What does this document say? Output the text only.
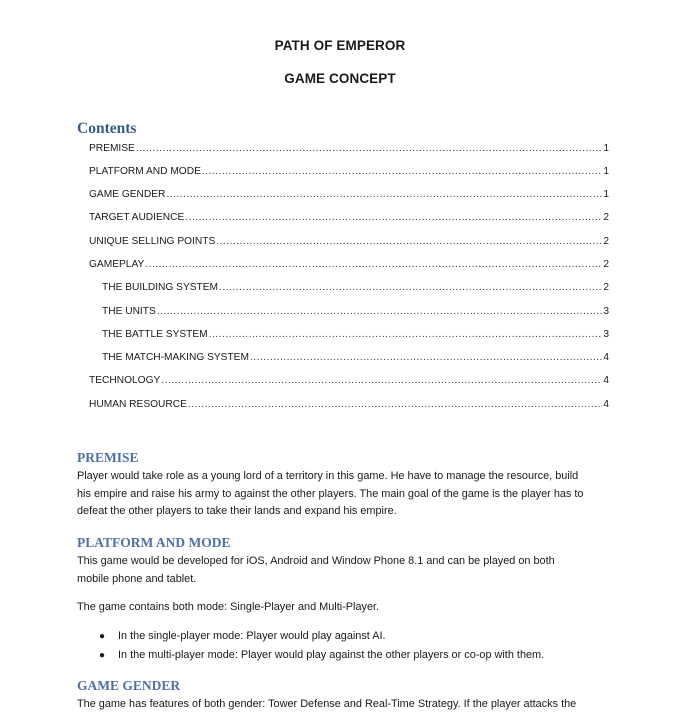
PATH OF EMPEROR
GAME CONCEPT
Contents
PREMISE .....	1
PLATFORM AND MODE .....	1
GAME GENDER .....	1
TARGET AUDIENCE .....	2
UNIQUE SELLING POINTS .....	2
GAMEPLAY .....	2
THE BUILDING SYSTEM .....	2
THE UNITS .....	3
THE BATTLE SYSTEM .....	3
THE MATCH-MAKING SYSTEM .....	4
TECHNOLOGY .....	4
HUMAN RESOURCE .....	4
PREMISE
Player would take role as a young lord of a territory in this game. He have to manage the resource, build
his empire and raise his army to against the other players. The main goal of the game is the player has to
defeat the other players to take their lands and expand his empire.
PLATFORM AND MODE
This game would be developed for iOS, Android and Window Phone 8.1 and can be played on both
mobile phone and tablet.
The game contains both mode: Single-Player and Multi-Player.
●	In the single-player mode: Player would play against AI.
●	In the multi-player mode: Player would play against the other players or co-op with them.
GAME GENDER
The game has features of both gender: Tower Defense and Real-Time Strategy. If the player attacks the
